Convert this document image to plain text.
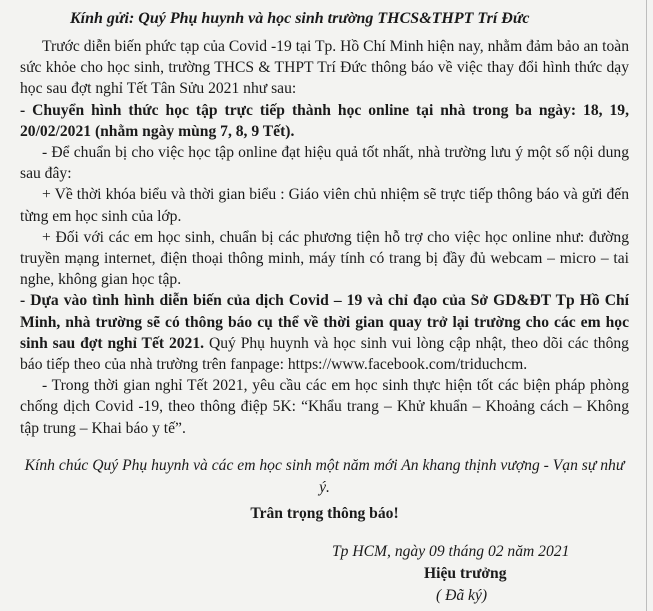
Kính gửi: Quý Phụ huynh và học sinh trường THCS&THPT Trí Đức

Trước diễn biến phức tạp của Covid -19 tại Tp. Hồ Chí Minh hiện nay, nhằm đảm bảo an toàn sức khỏe cho học sinh, trường THCS & THPT Trí Đức thông báo về việc thay đổi hình thức dạy học sau đợt nghỉ Tết Tân Sửu 2021 như sau:

- Chuyển hình thức học tập trực tiếp thành học online tại nhà trong ba ngày: 18, 19, 20/02/2021 (nhằm ngày mùng 7, 8, 9 Tết).

- Để chuẩn bị cho việc học tập online đạt hiệu quả tốt nhất, nhà trường lưu ý một số nội dung sau đây:

+ Về thời khóa biểu và thời gian biểu : Giáo viên chủ nhiệm sẽ trực tiếp thông báo và gửi đến từng em học sinh của lớp.

+ Đối với các em học sinh, chuẩn bị các phương tiện hỗ trợ cho việc học online như: đường truyền mạng internet, điện thoại thông minh, máy tính có trang bị đầy đủ webcam – micro – tai nghe, không gian học tập.

- Dựa vào tình hình diễn biến của dịch Covid – 19 và chỉ đạo của Sở GD&ĐT Tp Hồ Chí Minh, nhà trường sẽ có thông báo cụ thể về thời gian quay trở lại trường cho các em học sinh sau đợt nghỉ Tết 2021. Quý Phụ huynh và học sinh vui lòng cập nhật, theo dõi các thông báo tiếp theo của nhà trường trên fanpage: https://www.facebook.com/triduchcm.

- Trong thời gian nghỉ Tết 2021, yêu cầu các em học sinh thực hiện tốt các biện pháp phòng chống dịch Covid -19, theo thông điệp 5K: “Khẩu trang – Khử khuẩn – Khoảng cách – Không tập trung – Khai báo y tế”.

Kính chúc Quý Phụ huynh và các em học sinh một năm mới An khang thịnh vượng - Vạn sự như ý.
Trân trọng thông báo!
Tp HCM, ngày 09 tháng 02 năm 2021
Hiệu trưởng
( Đã ký)
